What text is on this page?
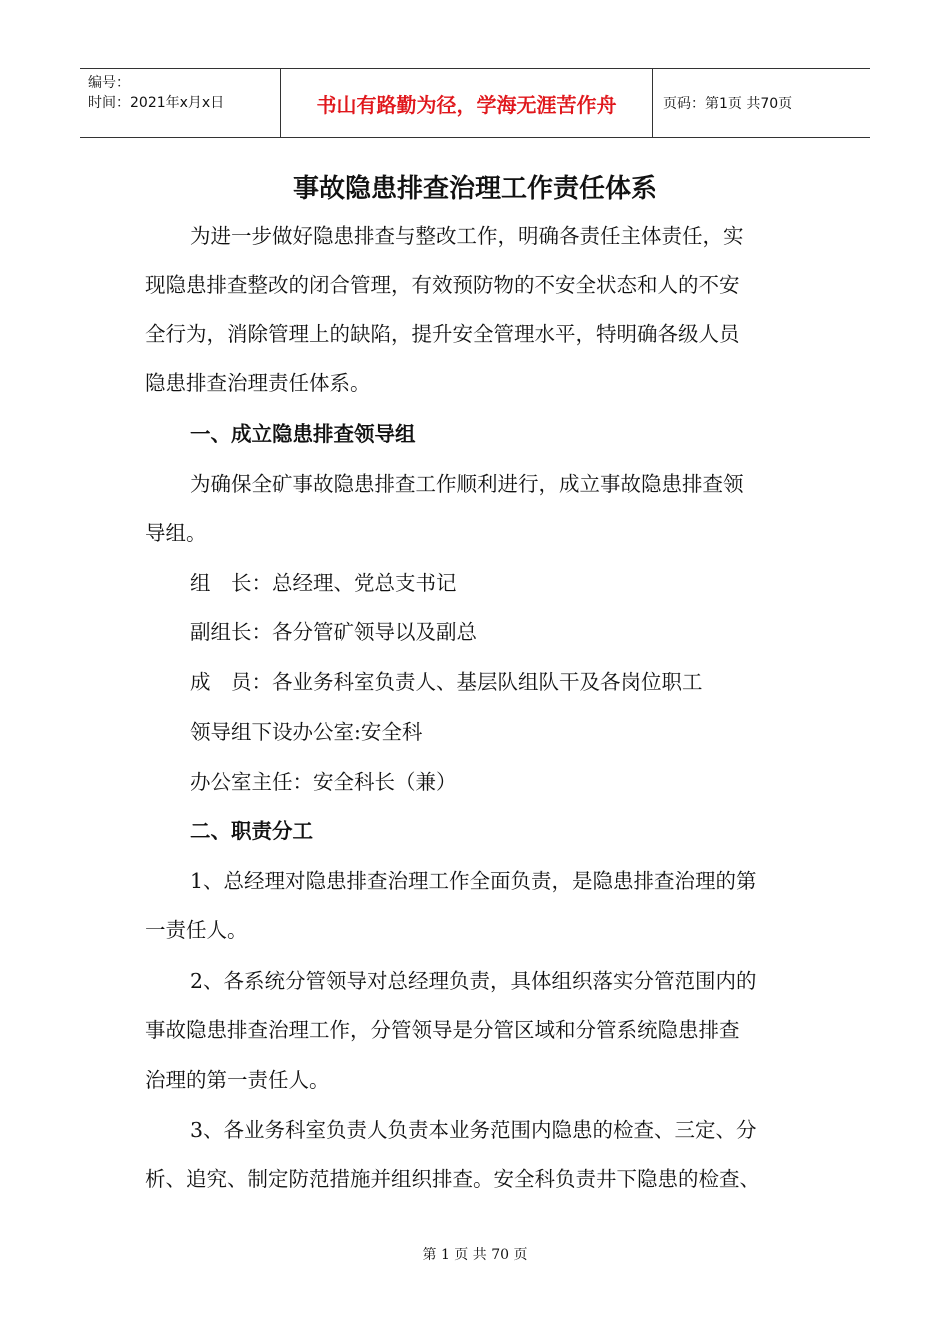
编号：
时间：2021年x月x日	书山有路勤为径，学海无涯苦作舟	页码：第1页 共70页
事故隐患排查治理工作责任体系
为进一步做好隐患排查与整改工作，明确各责任主体责任，实
现隐患排查整改的闭合管理，有效预防物的不安全状态和人的不安
全行为，消除管理上的缺陷，提升安全管理水平，特明确各级人员
隐患排查治理责任体系。
一、成立隐患排查领导组
为确保全矿事故隐患排查工作顺利进行，成立事故隐患排查领
导组。
组　长：总经理、党总支书记
副组长：各分管矿领导以及副总
成　员：各业务科室负责人、基层队组队干及各岗位职工
领导组下设办公室:安全科
办公室主任：安全科长（兼）
二、职责分工
1、总经理对隐患排查治理工作全面负责，是隐患排查治理的第
一责任人。
2、各系统分管领导对总经理负责，具体组织落实分管范围内的
事故隐患排查治理工作，分管领导是分管区域和分管系统隐患排查
治理的第一责任人。
3、各业务科室负责人负责本业务范围内隐患的检查、三定、分
析、追究、制定防范措施并组织排查。安全科负责井下隐患的检查、
第 1 页 共 70 页
